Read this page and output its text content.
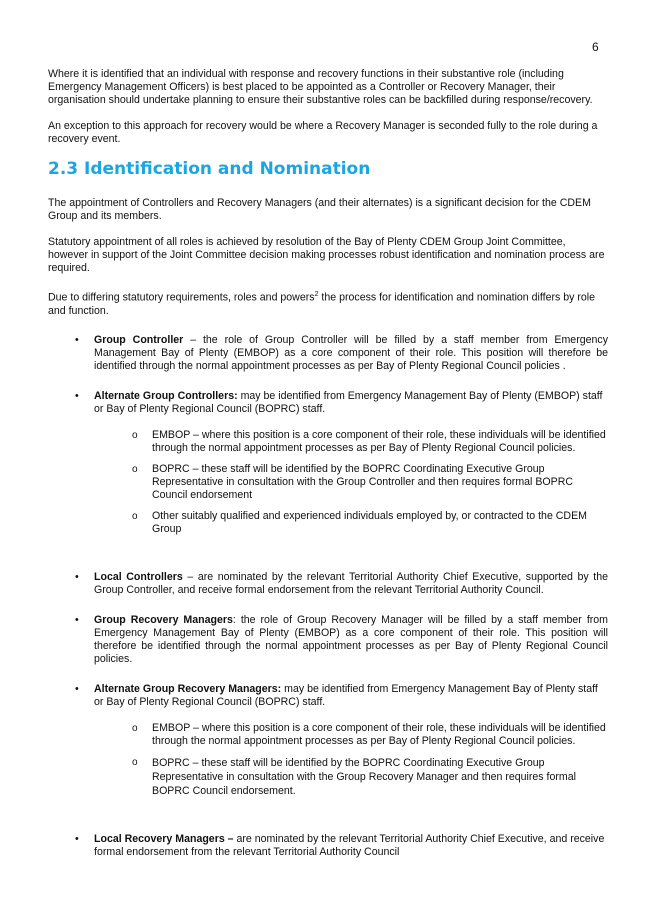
6

Where it is identified that an individual with response and recovery functions in their substantive role (including Emergency Management Officers) is best placed to be appointed as a Controller or Recovery Manager, their organisation should undertake planning to ensure their substantive roles can be backfilled during response/recovery.

An exception to this approach for recovery would be where a Recovery Manager is seconded fully to the role during a recovery event.

2.3 Identification and Nomination

The appointment of Controllers and Recovery Managers (and their alternates) is a significant decision for the CDEM Group and its members.

Statutory appointment of all roles is achieved by resolution of the Bay of Plenty CDEM Group Joint Committee, however in support of the Joint Committee decision making processes robust identification and nomination process are required.

Due to differing statutory requirements, roles and powers$^2$ the process for identification and nomination differs by role and function.

• Group Controller – the role of Group Controller will be filled by a staff member from Emergency Management Bay of Plenty (EMBOP) as a core component of their role. This position will therefore be identified through the normal appointment processes as per Bay of Plenty Regional Council policies .

• Alternate Group Controllers: may be identified from Emergency Management Bay of Plenty (EMBOP) staff or Bay of Plenty Regional Council (BOPRC) staff.

o EMBOP – where this position is a core component of their role, these individuals will be identified through the normal appointment processes as per Bay of Plenty Regional Council policies.

o BOPRC – these staff will be identified by the BOPRC Coordinating Executive Group Representative in consultation with the Group Controller and then requires formal BOPRC Council endorsement

o Other suitably qualified and experienced individuals employed by, or contracted to the CDEM Group

• Local Controllers – are nominated by the relevant Territorial Authority Chief Executive, supported by the Group Controller, and receive formal endorsement from the relevant Territorial Authority Council.

• Group Recovery Managers: the role of Group Recovery Manager will be filled by a staff member from Emergency Management Bay of Plenty (EMBOP) as a core component of their role. This position will therefore be identified through the normal appointment processes as per Bay of Plenty Regional Council policies.

• Alternate Group Recovery Managers: may be identified from Emergency Management Bay of Plenty staff or Bay of Plenty Regional Council (BOPRC) staff.

o EMBOP – where this position is a core component of their role, these individuals will be identified through the normal appointment processes as per Bay of Plenty Regional Council policies.

o BOPRC – these staff will be identified by the BOPRC Coordinating Executive Group Representative in consultation with the Group Recovery Manager and then requires formal BOPRC Council endorsement.

• Local Recovery Managers – are nominated by the relevant Territorial Authority Chief Executive, and receive formal endorsement from the relevant Territorial Authority Council
